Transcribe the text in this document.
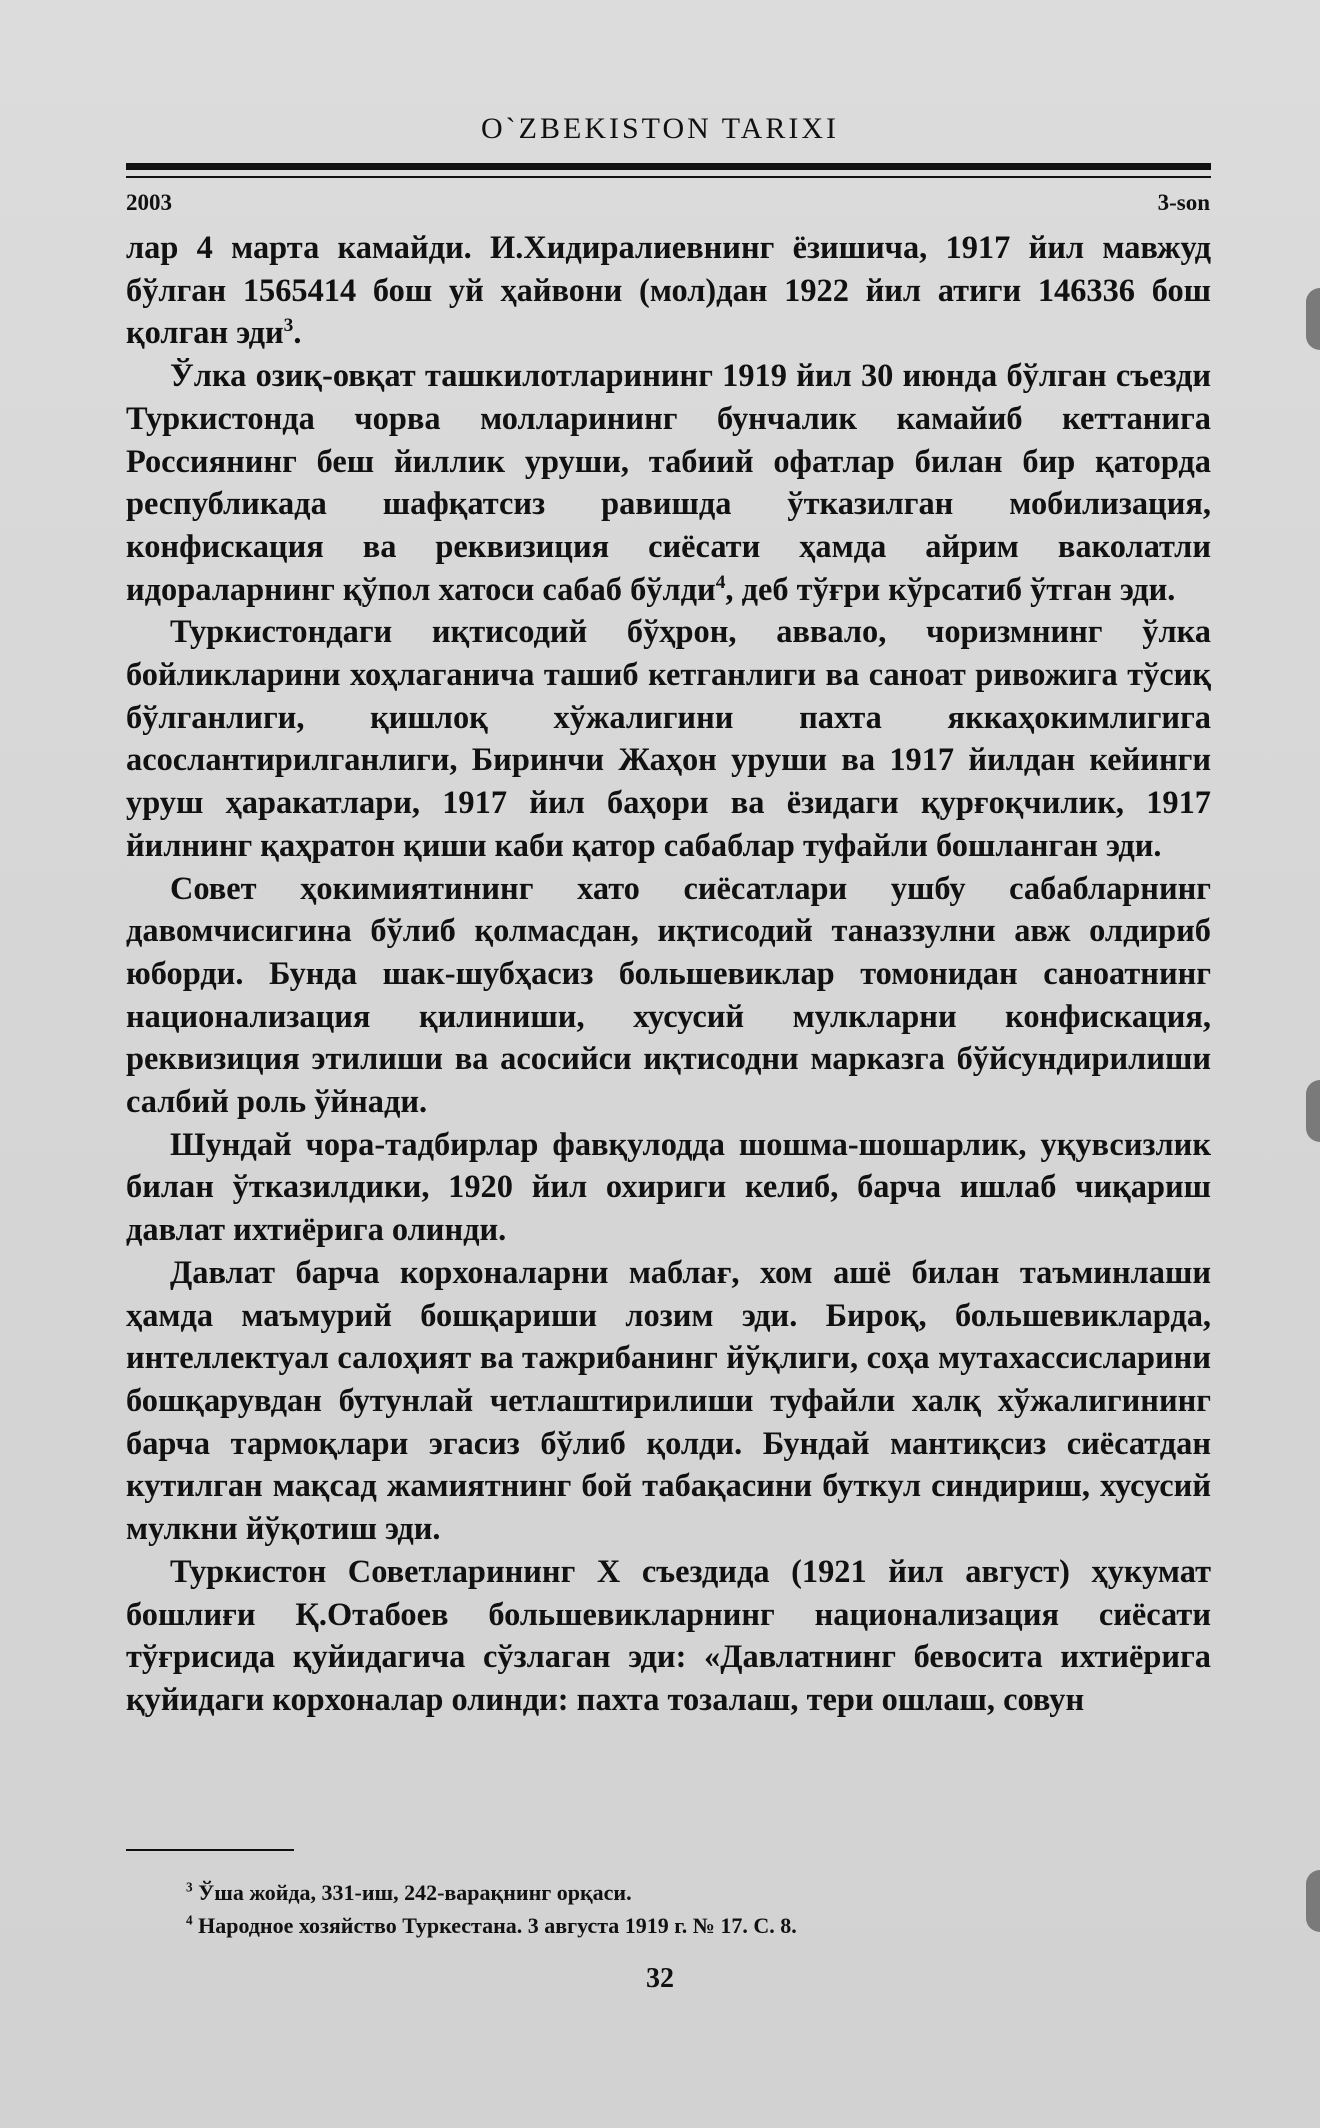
O`ZBEKISTON TARIXI
2003	3-son

лар 4 марта камайди. И.Хидиралиевнинг ёзишича, 1917 йил мавжуд бўлган 1565414 бош уй ҳайвони (мол)дан 1922 йил атиги 146336 бош қолган эди$^3$.

Ўлка озиқ-овқат ташкилотларининг 1919 йил 30 июнда бўлган съезди Туркистонда чорва молларининг бунчалик камайиб кеттанига Россиянинг беш йиллик уруши, табиий офатлар билан бир қаторда республикада шафқатсиз равишда ўтказилган мобилизация, конфискация ва реквизиция сиёсати ҳамда айрим ваколатли идораларнинг қўпол хатоси сабаб бўлди$^4$, деб тўғри кўрсатиб ўтган эди.

Туркистондаги иқтисодий бўҳрон, аввало, чоризмнинг ўлка бойликларини хоҳлаганича ташиб кетганлиги ва саноат ривожига тўсиқ бўлганлиги, қишлоқ хўжалигини пахта яккаҳокимлигига асослантирилганлиги, Биринчи Жаҳон уруши ва 1917 йилдан кейинги уруш ҳаракатлари, 1917 йил баҳори ва ёзидаги қурғоқчилик, 1917 йилнинг қаҳратон қиши каби қатор сабаблар туфайли бошланган эди.

Совет ҳокимиятининг хато сиёсатлари ушбу сабабларнинг давомчисигина бўлиб қолмасдан, иқтисодий таназзулни авж олдириб юборди. Бунда шак-шубҳасиз большевиклар томонидан саноатнинг национализация қилиниши, хусусий мулкларни конфискация, реквизиция этилиши ва асосийси иқтисодни марказга бўйсундирилиши салбий роль ўйнади.

Шундай чора-тадбирлар фавқулодда шошма-шошарлик, уқувсизлик билан ўтказилдики, 1920 йил охириги келиб, барча ишлаб чиқариш давлат ихтиёрига олинди.

Давлат барча корхоналарни маблағ, хом ашё билан таъминлаши ҳамда маъмурий бошқариши лозим эди. Бироқ, большевикларда, интеллектуал салоҳият ва тажрибанинг йўқлиги, соҳа мутахассисларини бошқарувдан бутунлай четлаштирилиши туфайли халқ хўжалигининг барча тармоқлари эгасиз бўлиб қолди. Бундай мантиқсиз сиёсатдан кутилган мақсад жамиятнинг бой табақасини буткул синдириш, хусусий мулкни йўқотиш эди.

Туркистон Советларининг X съездида (1921 йил август) ҳукумат бошлиғи Қ.Отабоев большевикларнинг национализация сиёсати тўғрисида қуйидагича сўзлаган эди: «Давлатнинг бевосита ихтиёрига қуйидаги корхоналар олинди: пахта тозалаш, тери ошлаш, совун

$^3$ Ўша жойда, 331-иш, 242-варақнинг орқаси.

$^4$ Народное хозяйство Туркестана. 3 августа 1919 г. № 17. С. 8.

32
